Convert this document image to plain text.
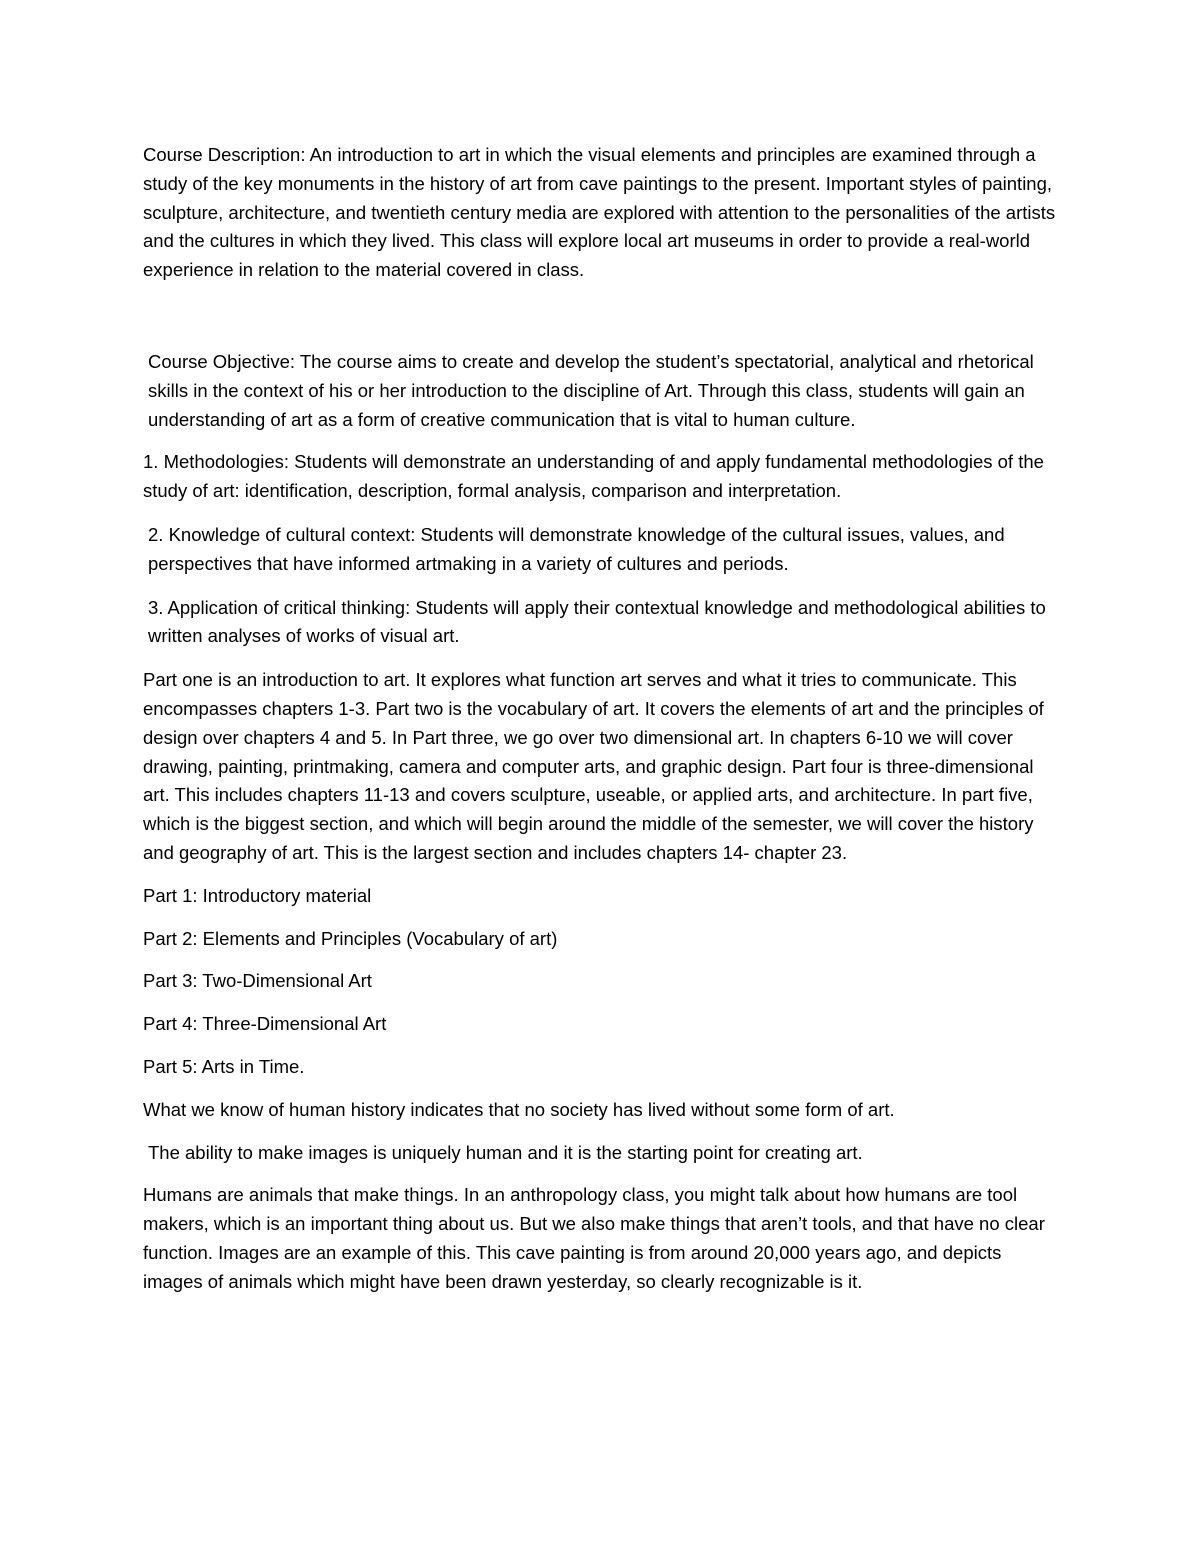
Course Description: An introduction to art in which the visual elements and principles are examined through a study of the key monuments in the history of art from cave paintings to the present. Important styles of painting, sculpture, architecture, and twentieth century media are explored with attention to the personalities of the artists and the cultures in which they lived. This class will explore local art museums in order to provide a real-world experience in relation to the material covered in class.

Course Objective: The course aims to create and develop the student’s spectatorial, analytical and rhetorical skills in the context of his or her introduction to the discipline of Art. Through this class, students will gain an understanding of art as a form of creative communication that is vital to human culture.

1. Methodologies: Students will demonstrate an understanding of and apply fundamental methodologies of the study of art: identification, description, formal analysis, comparison and interpretation.

2. Knowledge of cultural context: Students will demonstrate knowledge of the cultural issues, values, and perspectives that have informed artmaking in a variety of cultures and periods.

3. Application of critical thinking: Students will apply their contextual knowledge and methodological abilities to written analyses of works of visual art.

Part one is an introduction to art. It explores what function art serves and what it tries to communicate. This encompasses chapters 1-3. Part two is the vocabulary of art. It covers the elements of art and the principles of design over chapters 4 and 5. In Part three, we go over two dimensional art. In chapters 6-10 we will cover drawing, painting, printmaking, camera and computer arts, and graphic design. Part four is three-dimensional art. This includes chapters 11-13 and covers sculpture, useable, or applied arts, and architecture. In part five, which is the biggest section, and which will begin around the middle of the semester, we will cover the history and geography of art. This is the largest section and includes chapters 14- chapter 23.

Part 1: Introductory material

Part 2: Elements and Principles (Vocabulary of art)

Part 3: Two-Dimensional Art

Part 4: Three-Dimensional Art

Part 5: Arts in Time.

What we know of human history indicates that no society has lived without some form of art.

The ability to make images is uniquely human and it is the starting point for creating art.

Humans are animals that make things. In an anthropology class, you might talk about how humans are tool makers, which is an important thing about us. But we also make things that aren’t tools, and that have no clear function. Images are an example of this. This cave painting is from around 20,000 years ago, and depicts images of animals which might have been drawn yesterday, so clearly recognizable is it.
